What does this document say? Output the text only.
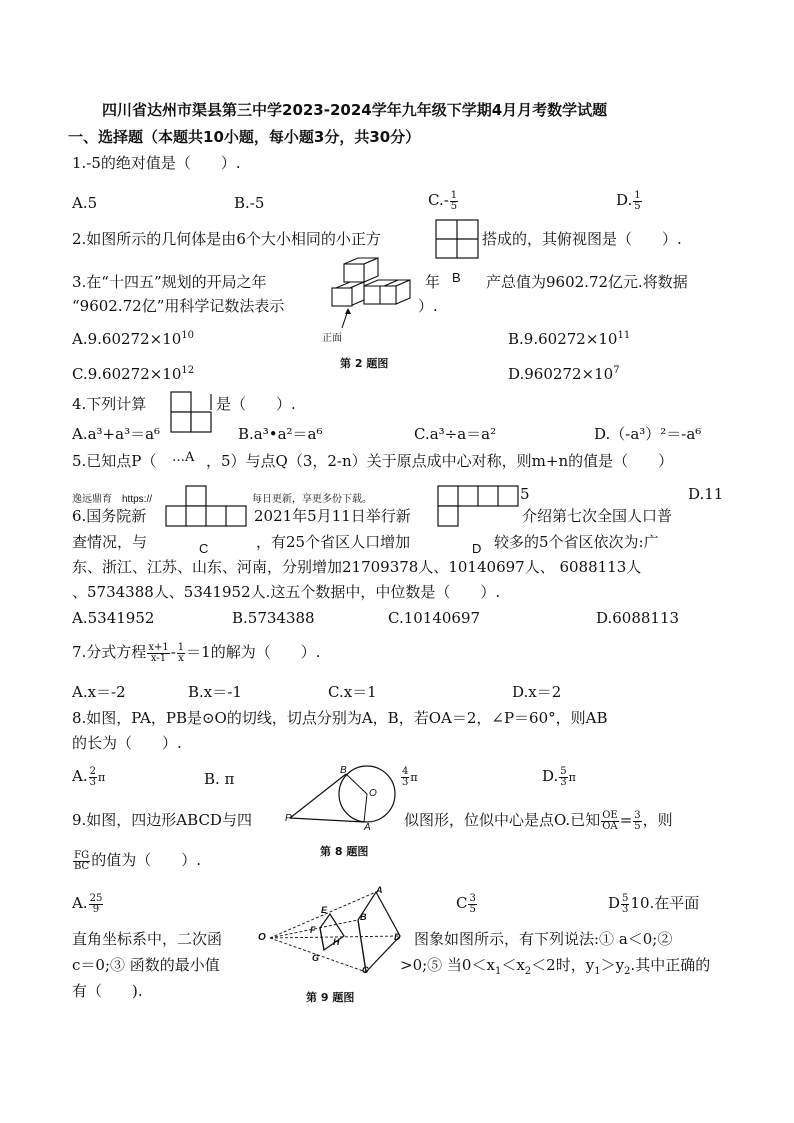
四川省达州市渠县第三中学2023-2024学年九年级下学期4月月考数学试题
一、选择题（本题共10小题，每小题3分，共30分）
1.-5的绝对值是（　　）.
A.5	B.-5	$C.- \frac{1}{5}$	D. $\frac{1}{5}$
2.如图所示的几何体是由6个大小相同的小正方	搭成的，其俯视图是（　　）.
3.在“十四五”规划的开局之年	年	产总值为9602.72亿元.将数据
“9602.72亿”用科学记数法表示	）.
正面
B
$A.9.60272\times 10^{10}$	$B.9.60272\times 10^{11}$
第 2 题图
$C.9.60272\times 10^{12}$	$D.960272\times 10^7$
4.下列计算	是（　　）.
A.a³+a³＝a⁶	B.a³•a²＝a⁶	C.a³÷a＝a²	D.（-a³）²＝-a⁶
5.已知点P（ …A ，5）与点Q（3，2-n）关于原点成中心对称，则m+n的值是（　　）
逸远鼎育　https://	每日更新，享更多份下载。	5	D.11
6.国务院新	2021年5月11日举行新	介绍第七次全国人口普
查情况，与	，有25个省区人口增加	较多的5个省区依次为:广
C	D
东、浙江、江苏、山东、河南，分别增加21709378人、10140697人、 6088113人
、5734388人、5341952人.这五个数据中，中位数是（　　）.
A.5341952	B.5734388	C.10140697	D.6088113
7.分式方程 $\frac{x+1}{x-1} - \frac{1}{x} =1$的解为（　　）.
A.x＝-2	B.x＝-1	C.x＝1	D.x＝2
8.如图，PA，PB是⊙O的切线，切点分别为A，B，若OA＝2，∠P＝60°，则AB
的长为（　　）.
A. $\frac{2}{3}$ π	B. π	$\frac{4}{3}$ π	D. $\frac{5}{3}$ π
B
O
P
A
第 8 题图
9.如图，四边形ABCD与四	似图形，位似中心是点O.已知 $\frac{OE}{OA} = \frac{3}{5}$ ，则
$\frac{FG}{BC}$ 的值为（　　）.
A. $\frac{25}{9}$	C $\frac{3}{5}$	D $\frac{5}{3} 10$.在平面
O
E
F
H
G
A
B
D
C
第 9 题图
直角坐标系中，二次函	图象如图所示，有下列说法:① a＜0;②
c＝0;③ 函数的最小值	>0;⑤ 当$0<x_1<x_2<2$时，$y_1>y_2$.其中正确的
有（　　).
